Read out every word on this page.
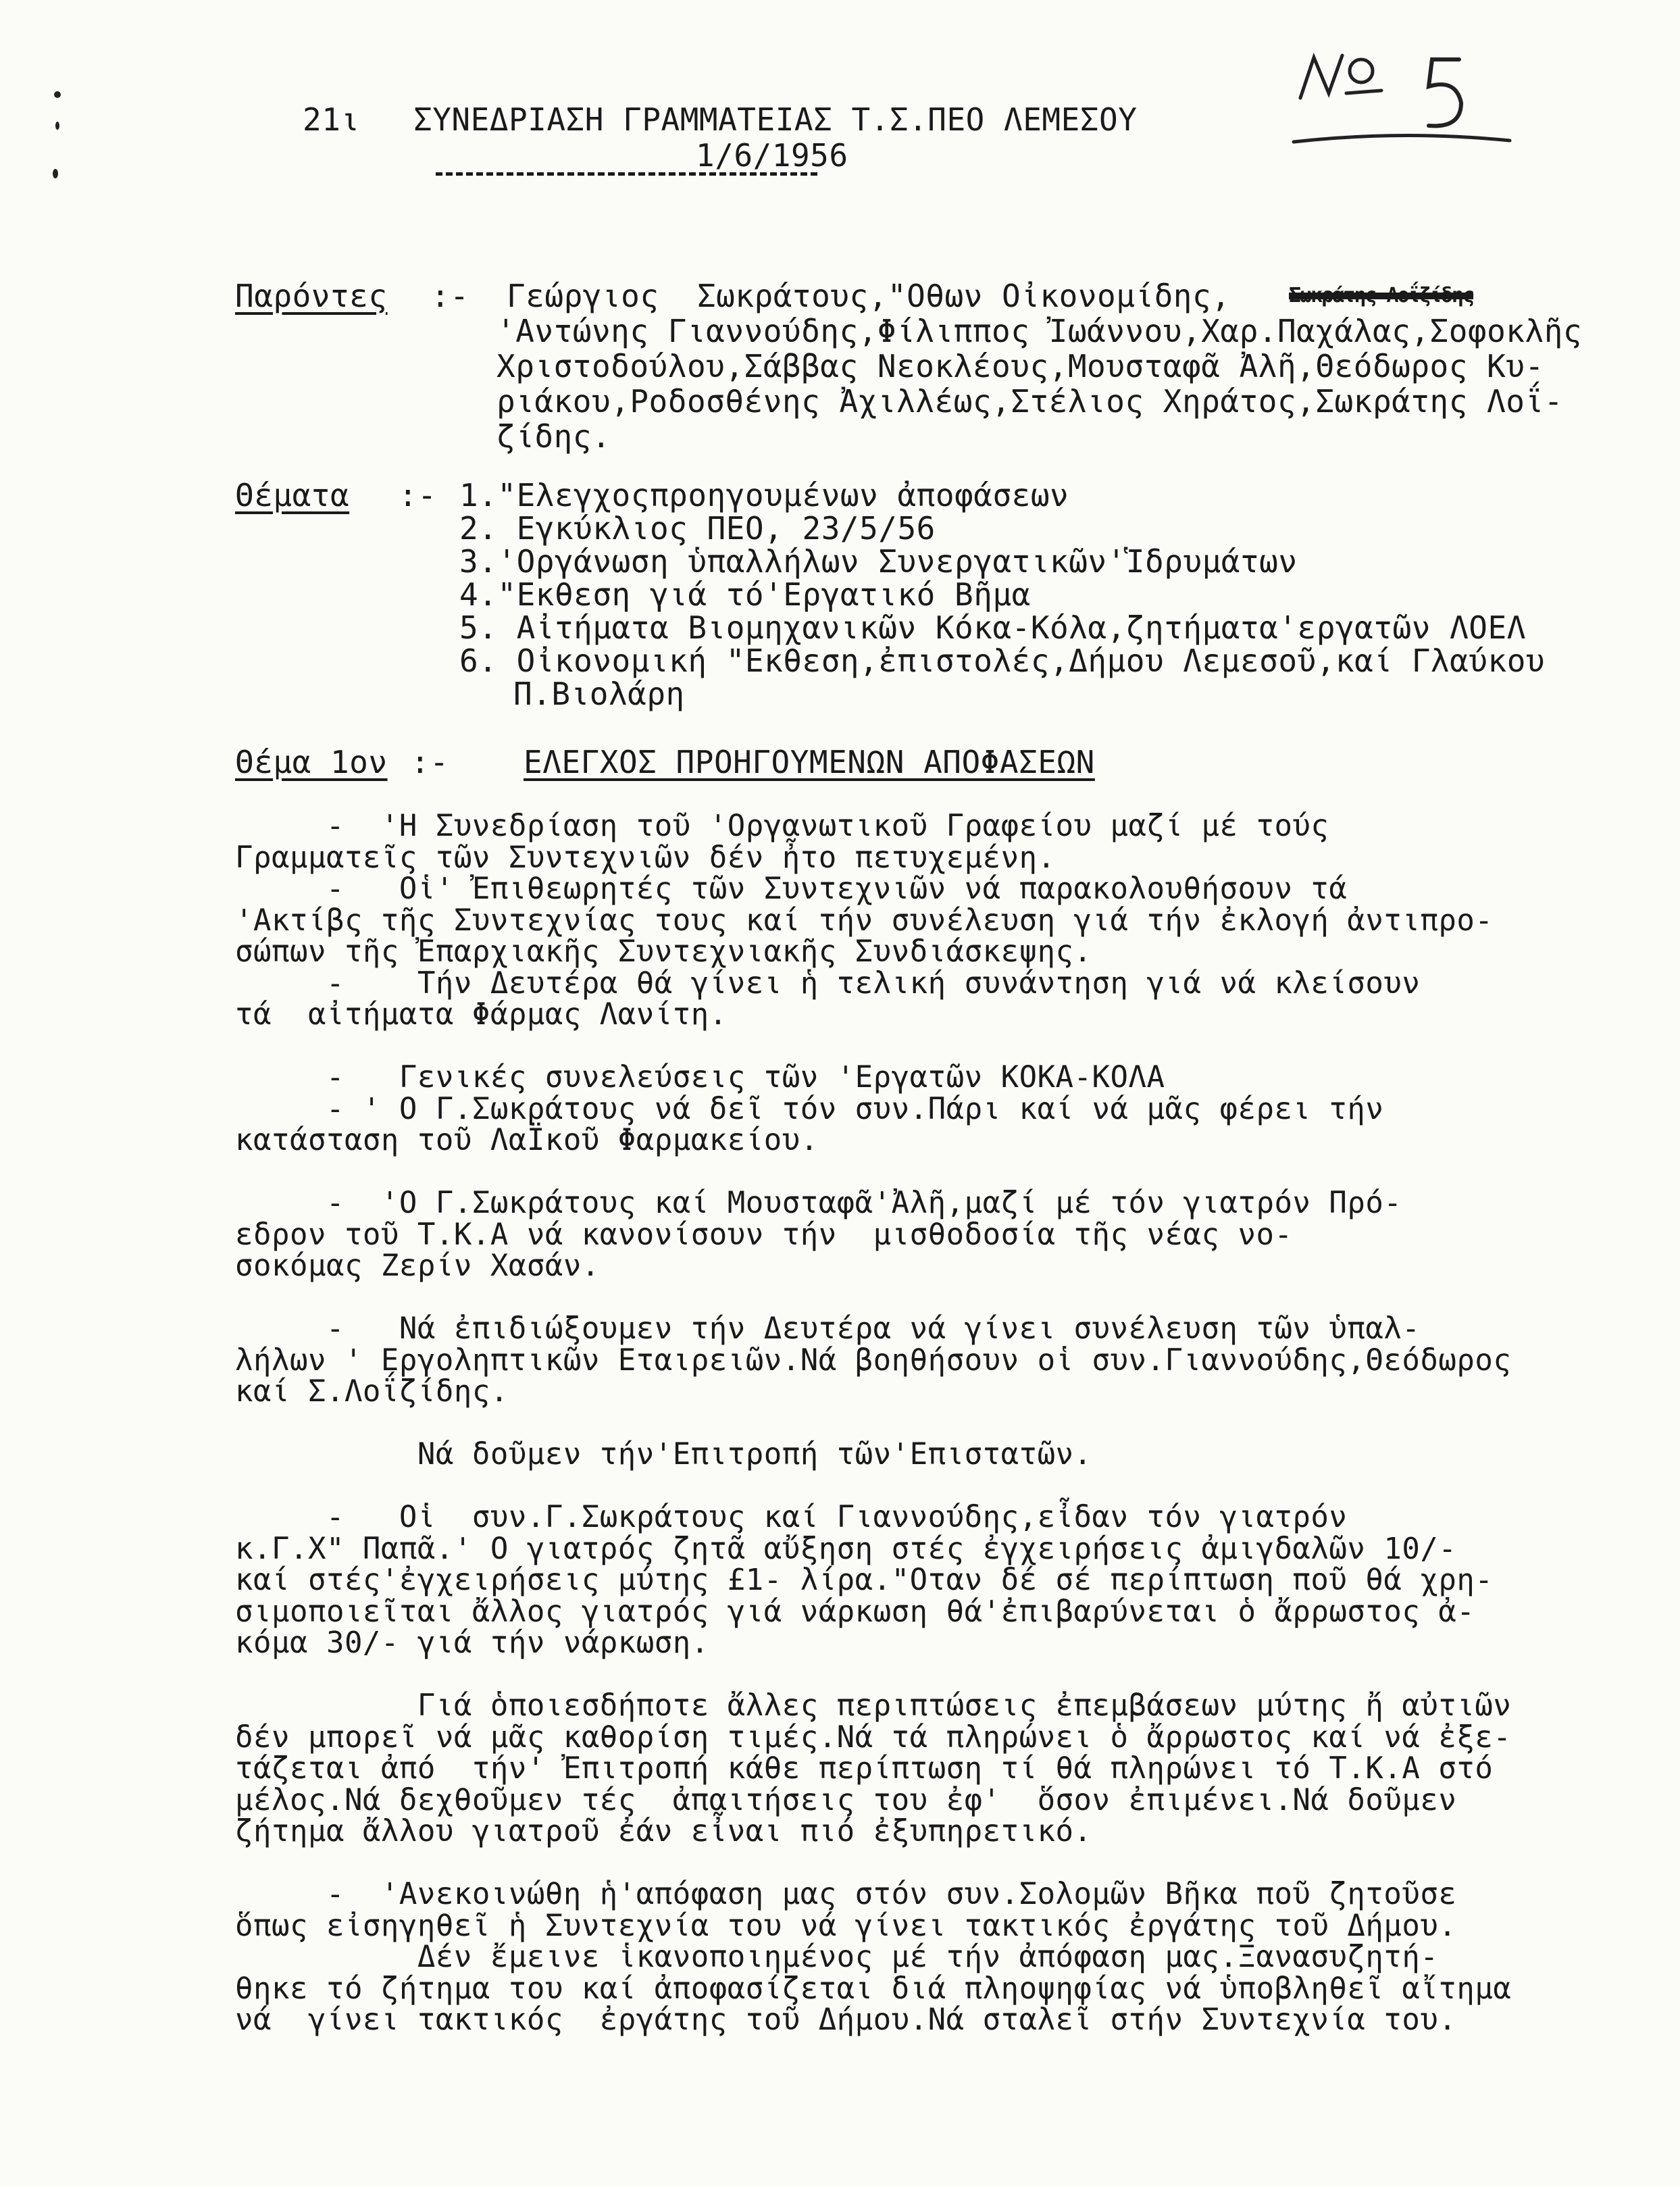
21ι ΣΥΝΕΔΡΙΑΣΗ ΓΡΑΜΜΑΤΕΙΑΣ Τ.Σ.ΠΕΟ ΛΕΜΕΣΟΥ
1/6/1956
Παρόντες :- Γεώργιος  Σωκράτους,"Οθων Οἰκονομίδης,	Σωκράτης Λοΐζίδης
'Αντώνης Γιαννούδης,Φίλιππος Ἰωάννου,Χαρ.Παχάλας,Σοφοκλῆς
Χριστοδούλου,Σάββας Νεοκλέους,Μουσταφᾶ Ἀλῆ,Θεόδωρος Κυ-
ριάκου,Ροδοσθένης Ἀχιλλέως,Στέλιος Χηράτος,Σωκράτης Λοΐ-
ζίδης.
Θέματα :- 1."Ελεγχοςπροηγουμένων ἀποφάσεων
2. Εγκύκλιος ΠΕΟ, 23/5/56
3.'Οργάνωση ὑπαλλήλων Συνεργατικῶν'Ἱδρυμάτων
4."Εκθεση γιά τό'Εργατικό Βῆμα
5. Αἰτήματα Βιομηχανικῶν Κόκα-Κόλα,ζητήματα'εργατῶν ΛΟΕΛ
6. Οἰκονομική "Εκθεση,ἐπιστολές,Δήμου Λεμεσοῦ,καί Γλαύκου
Π.Βιολάρη
Θέμα 1ον :- ΕΛΕΓΧΟΣ ΠΡΟΗΓΟΥΜΕΝΩΝ ΑΠΟΦΑΣΕΩΝ
-  'Η Συνεδρίαση τοῦ 'Οργανωτικοῦ Γραφείου μαζί μέ τούς
Γραμματεῖς τῶν Συντεχνιῶν δέν ἦτο πετυχεμένη.
-   Οἱ' Ἐπιθεωρητές τῶν Συντεχνιῶν νά παρακολουθήσουν τά
'Ακτίβς τῆς Συντεχνίας τους καί τήν συνέλευση γιά τήν ἐκλογή ἀντιπρο-
σώπων τῆς Ἐπαρχιακῆς Συντεχνιακῆς Συνδιάσκεψης.
-    Τήν Δευτέρα θά γίνει ἡ τελική συνάντηση γιά νά κλείσουν
τά  αἰτήματα Φάρμας Λανίτη.
-   Γενικές συνελεύσεις τῶν 'Εργατῶν ΚΟΚΑ-ΚΟΛΑ
- ' Ο Γ.Σωκράτους νά δεῖ τόν συν.Πάρι καί νά μᾶς φέρει τήν
κατάσταση τοῦ ΛαΪκοῦ Φαρμακείου.
-  'Ο Γ.Σωκράτους καί Μουσταφᾶ'Ἀλῆ,μαζί μέ τόν γιατρόν Πρό-
εδρον τοῦ Τ.Κ.Α νά κανονίσουν τήν  μισθοδοσία τῆς νέας νο-
σοκόμας Ζερίν Χασάν.
-   Νά ἐπιδιώξουμεν τήν Δευτέρα νά γίνει συνέλευση τῶν ὑπαλ-
λήλων ' Εργοληπτικῶν Εταιρειῶν.Νά βοηθήσουν οἱ συν.Γιαννούδης,Θεόδωρος
καί Σ.Λοΐζίδης.
Νά δοῦμεν τήν'Επιτροπή τῶν'Επιστατῶν.
-   Οἱ  συν.Γ.Σωκράτους καί Γιαννούδης,εἶδαν τόν γιατρόν
κ.Γ.Χ" Παπᾶ.' Ο γιατρός ζητᾶ αὔξηση στές ἐγχειρήσεις ἀμιγδαλῶν 10/-
καί στές'ἐγχειρήσεις μύτης £1- λίρα."Οταν δέ σέ περίπτωση ποῦ θά χρη-
σιμοποιεῖται ἄλλος γιατρός γιά νάρκωση θά'ἐπιβαρύνεται ὁ ἄρρωστος ἀ-
κόμα 30/- γιά τήν νάρκωση.
Γιά ὁποιεσδήποτε ἄλλες περιπτώσεις ἐπεμβάσεων μύτης ἤ αὐτιῶν
δέν μπορεῖ νά μᾶς καθορίση τιμές.Νά τά πληρώνει ὁ ἄρρωστος καί νά ἐξε-
τάζεται ἀπό  τήν' Ἐπιτροπή κάθε περίπτωση τί θά πληρώνει τό Τ.Κ.Α στό
μέλος.Νά δεχθοῦμεν τές  ἀπαιτήσεις του ἐφ'  ὅσον ἐπιμένει.Νά δοῦμεν
ζήτημα ἄλλου γιατροῦ ἐάν εἶναι πιό ἐξυπηρετικό.
-  'Ανεκοινώθη ἡ'απόφαση μας στόν συν.Σολομῶν Βῆκα ποῦ ζητοῦσε
ὅπως εἰσηγηθεῖ ἡ Συντεχνία του νά γίνει τακτικός ἐργάτης τοῦ Δήμου.
Δέν ἔμεινε ἱκανοποιημένος μέ τήν ἀπόφαση μας.Ξανασυζητή-
θηκε τό ζήτημα του καί ἀποφασίζεται διά πληοψηφίας νά ὑποβληθεῖ αἴτημα
νά  γίνει τακτικός  ἐργάτης τοῦ Δήμου.Νά σταλεῖ στήν Συντεχνία του.
